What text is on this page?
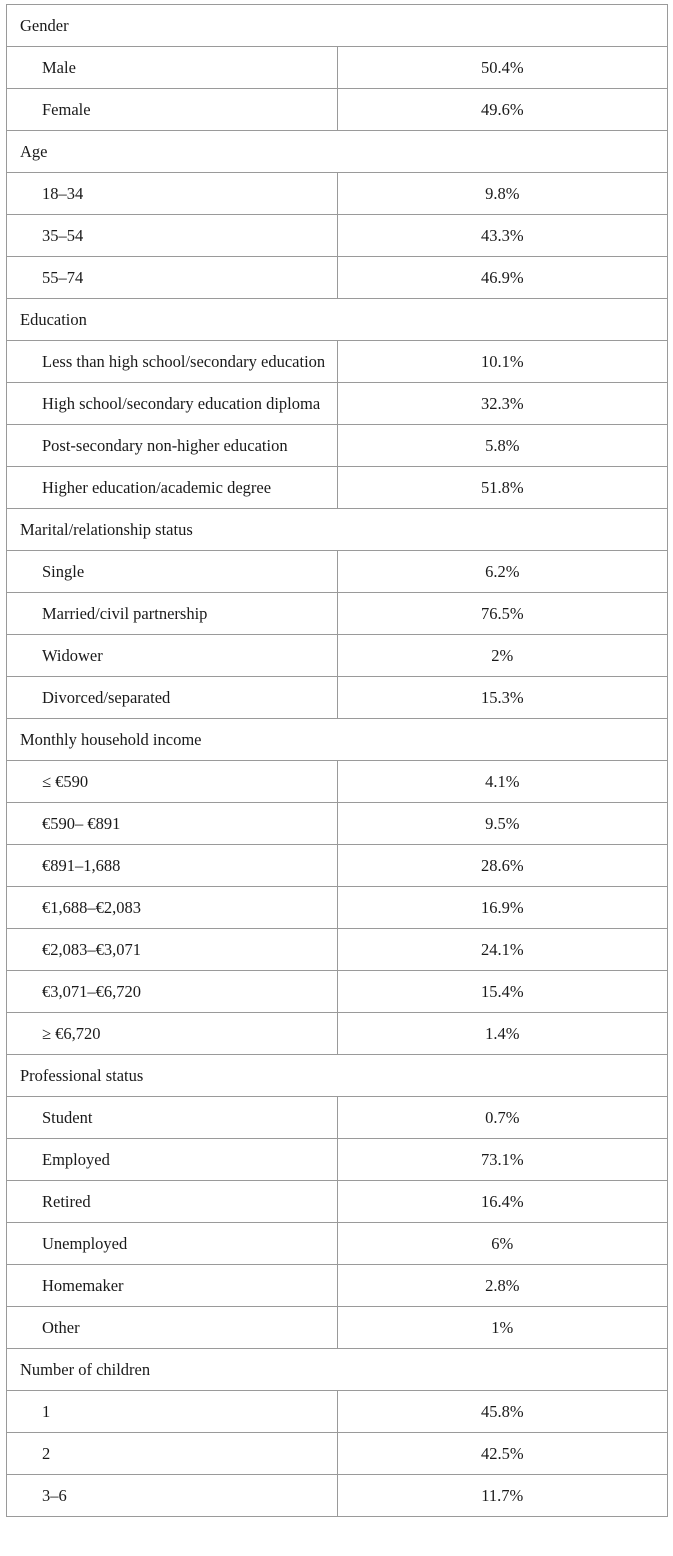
Gender	
Male	50.4%
Female	49.6%
Age	
18–34	9.8%
35–54	43.3%
55–74	46.9%
Education	
Less than high school/secondary education	10.1%
High school/secondary education diploma	32.3%
Post-secondary non-higher education	5.8%
Higher education/academic degree	51.8%
Marital/relationship status	
Single	6.2%
Married/civil partnership	76.5%
Widower	2%
Divorced/separated	15.3%
Monthly household income	
≤ €590	4.1%
€590– €891	9.5%
€891–1,688	28.6%
€1,688–€2,083	16.9%
€2,083–€3,071	24.1%
€3,071–€6,720	15.4%
≥ €6,720	1.4%
Professional status	
Student	0.7%
Employed	73.1%
Retired	16.4%
Unemployed	6%
Homemaker	2.8%
Other	1%
Number of children	
1	45.8%
2	42.5%
3–6	11.7%
